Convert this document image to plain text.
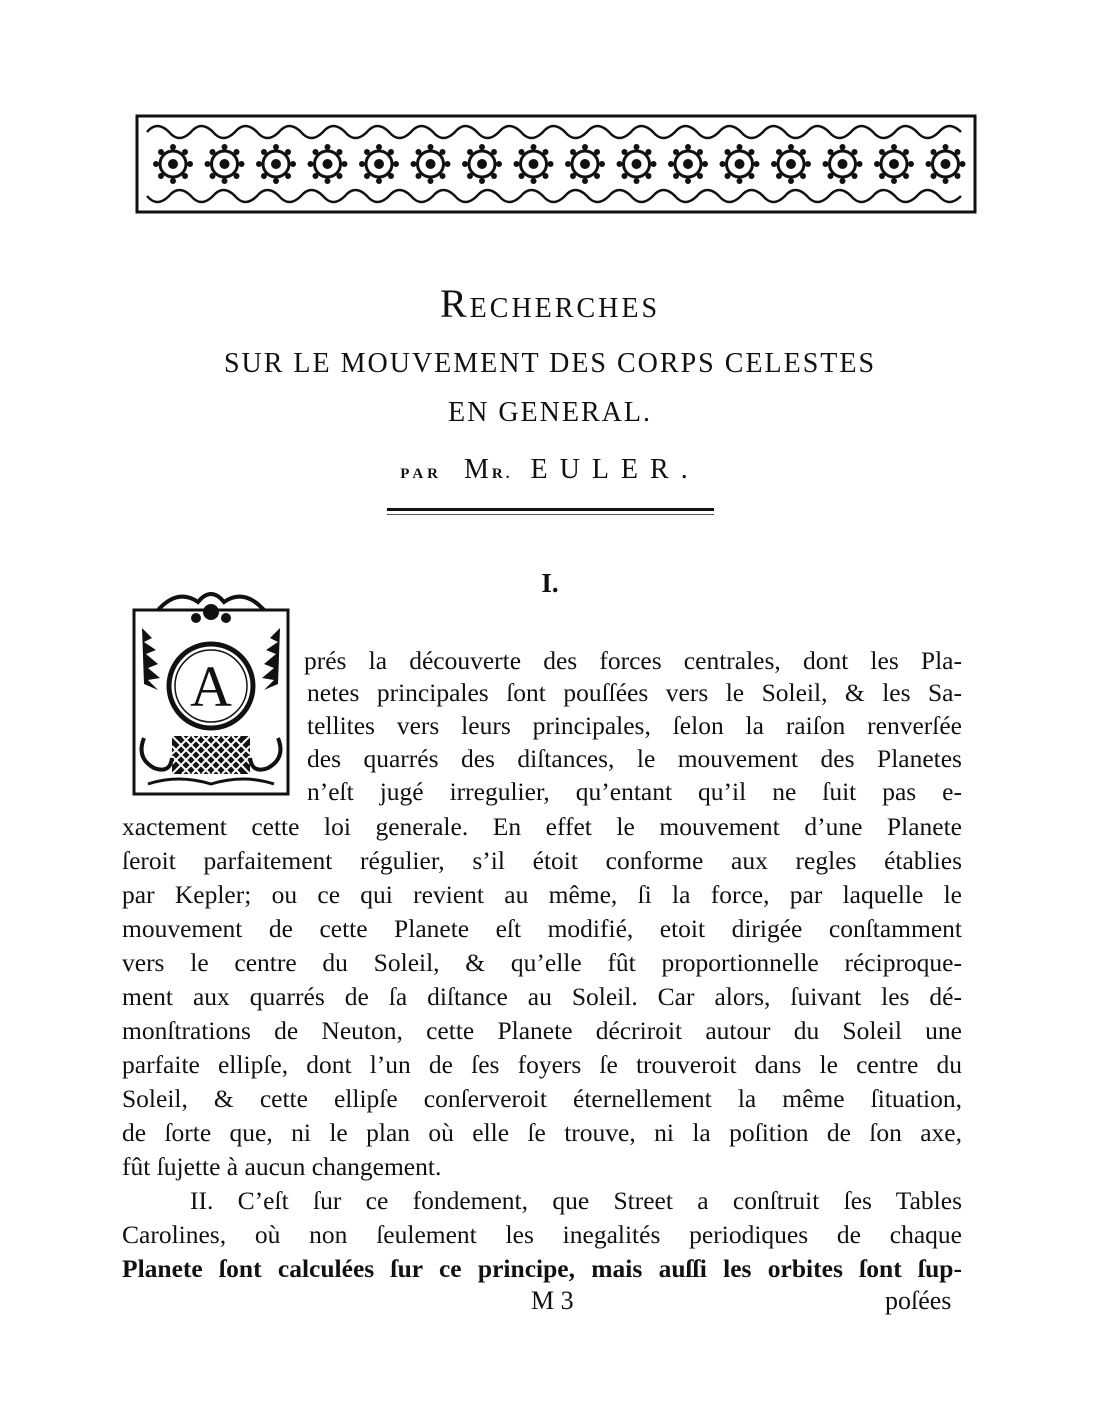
Recherches
SUR LE MOUVEMENT DES CORPS CELESTES
EN GENERAL.
PAR MR. EULER.
I.
A	prés la découverte des forces centrales, dont les Pla-
netes principales ſont pouſſées vers le Soleil, & les Sa-
tellites vers leurs principales, ſelon la raiſon renverſée
des quarrés des diſtances, le mouvement des Planetes
n’eſt jugé irregulier, qu’entant qu’il ne ſuit pas e-
xactement cette loi generale. En effet le mouvement d’une Planete
ſeroit parfaitement régulier, s’il étoit conforme aux regles établies
par Kepler; ou ce qui revient au même, ſi la force, par laquelle le
mouvement de cette Planete eſt modifié, etoit dirigée conſtamment
vers le centre du Soleil, & qu’elle fût proportionnelle réciproque-
ment aux quarrés de ſa diſtance au Soleil. Car alors, ſuivant les dé-
monſtrations de Neuton, cette Planete décriroit autour du Soleil une
parfaite ellipſe, dont l’un de ſes foyers ſe trouveroit dans le centre du
Soleil, & cette ellipſe conſerveroit éternellement la même ſituation,
de ſorte que, ni le plan où elle ſe trouve, ni la poſition de ſon axe,
fût ſujette à aucun changement.
II. C’eſt ſur ce fondement, que Street a conſtruit ſes Tables
Carolines, où non ſeulement les inegalités periodiques de chaque
Planete ſont calculées ſur ce principe, mais auſſi les orbites ſont ſup-
M 3	poſées
